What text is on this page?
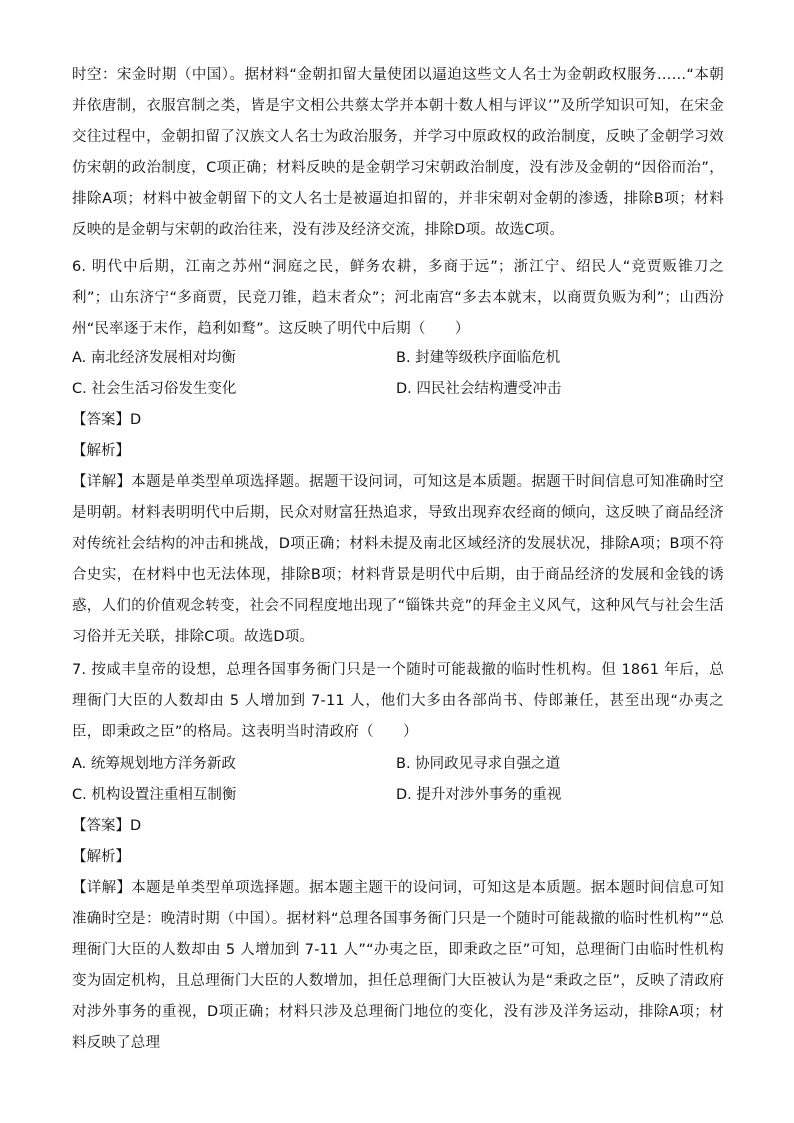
时空：宋金时期（中国）。据材料“金朝扣留大量使团以逼迫这些文人名士为金朝政权服务……“本朝并依唐制，衣服宫制之类，皆是宇文相公共蔡太学并本朝十数人相与评议’”及所学知识可知，在宋金交往过程中，金朝扣留了汉族文人名士为政治服务，并学习中原政权的政治制度，反映了金朝学习效仿宋朝的政治制度，C项正确；材料反映的是金朝学习宋朝政治制度，没有涉及金朝的“因俗而治”，排除A项；材料中被金朝留下的文人名士是被逼迫扣留的，并非宋朝对金朝的渗透，排除B项；材料反映的是金朝与宋朝的政治往来，没有涉及经济交流，排除D项。故选C项。
6. 明代中后期，江南之苏州“洞庭之民，鲜务农耕，多商于远”；浙江宁、绍民人“竞贾贩锥刀之利”；山东济宁“多商贾，民竞刀锥，趋末者众”；河北南宫“多去本就末，以商贾负贩为利”；山西汾州“民率逐于末作，趋利如鹜”。这反映了明代中后期（　　）
A. 南北经济发展相对均衡	B. 封建等级秩序面临危机
C. 社会生活习俗发生变化	D. 四民社会结构遭受冲击
【答案】D
【解析】
【详解】本题是单类型单项选择题。据题干设问词，可知这是本质题。据题干时间信息可知准确时空是明朝。材料表明明代中后期，民众对财富狂热追求，导致出现弃农经商的倾向，这反映了商品经济对传统社会结构的冲击和挑战，D项正确；材料未提及南北区域经济的发展状况，排除A项；B项不符合史实，在材料中也无法体现，排除B项；材料背景是明代中后期，由于商品经济的发展和金钱的诱惑，人们的价值观念转变，社会不同程度地出现了“锱铢共竞”的拜金主义风气，这种风气与社会生活习俗并无关联，排除C项。故选D项。
7. 按咸丰皇帝的设想，总理各国事务衙门只是一个随时可能裁撤的临时性机构。但 1861 年后，总理衙门大臣的人数却由 5 人增加到 7-11 人，他们大多由各部尚书、侍郎兼任，甚至出现“办夷之臣，即秉政之臣”的格局。这表明当时清政府（　　）
A. 统筹规划地方洋务新政	B. 协同政见寻求自强之道
C. 机构设置注重相互制衡	D. 提升对涉外事务的重视
【答案】D
【解析】
【详解】本题是单类型单项选择题。据本题主题干的设问词，可知这是本质题。据本题时间信息可知准确时空是：晚清时期（中国）。据材料“总理各国事务衙门只是一个随时可能裁撤的临时性机构”“总理衙门大臣的人数却由 5 人增加到 7-11 人”“办夷之臣，即秉政之臣”可知，总理衙门由临时性机构变为固定机构，且总理衙门大臣的人数增加，担任总理衙门大臣被认为是“秉政之臣”，反映了清政府对涉外事务的重视，D项正确；材料只涉及总理衙门地位的变化，没有涉及洋务运动，排除A项；材料反映了总理
